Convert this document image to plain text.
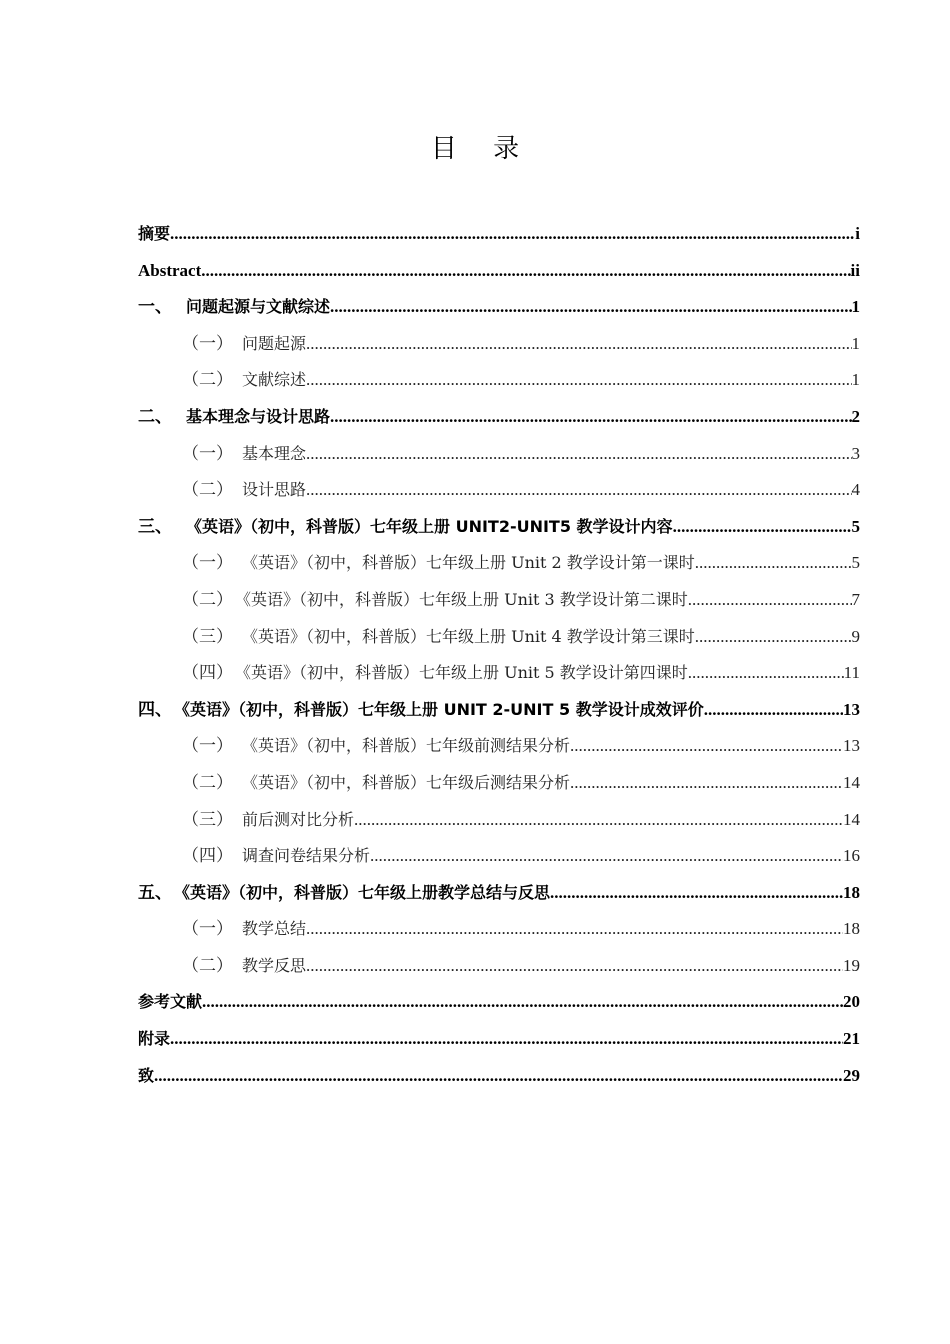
目 录
摘要 .....	i
Abstract .....	ii
一、 问题起源与文献综述 .....	1
（一） 问题起源 .....	1
（二） 文献综述 .....	1
二、 基本理念与设计思路 .....	2
（一） 基本理念 .....	3
（二） 设计思路 .....	4
三、 《英语》（初中，科普版）七年级上册 UNIT2-UNIT5 教学设计内容 .....	5
（一） 《英语》（初中，科普版）七年级上册 Unit 2 教学设计第一课时 .....	5
（二） 《英语》（初中，科普版）七年级上册 Unit 3 教学设计第二课时 .....	7
（三） 《英语》（初中，科普版）七年级上册 Unit 4 教学设计第三课时 .....	9
（四） 《英语》（初中，科普版）七年级上册 Unit 5 教学设计第四课时 .....	11
四、 《英语》（初中，科普版）七年级上册 UNIT 2-UNIT 5 教学设计成效评价 .....	13
（一） 《英语》（初中，科普版）七年级前测结果分析 .....	13
（二） 《英语》（初中，科普版）七年级后测结果分析 .....	14
（三） 前后测对比分析 .....	14
（四） 调查问卷结果分析 .....	16
五、 《英语》（初中，科普版）七年级上册教学总结与反思 .....	18
（一） 教学总结 .....	18
（二） 教学反思 .....	19
参考文献 .....	20
附录 .....	21
致 .....	29
